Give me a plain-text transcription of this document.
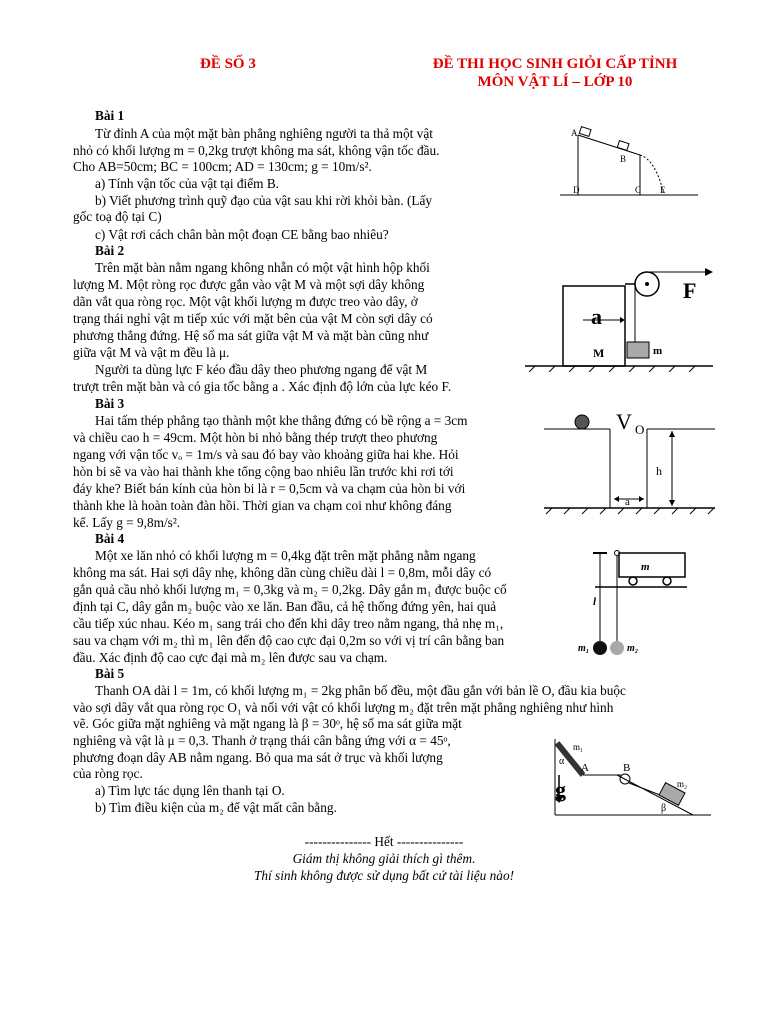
ĐỀ SỐ 3	ĐỀ THI HỌC SINH GIỎI CẤP TỈNH
MÔN VẬT LÍ – LỚP 10
Bài 1
Từ đỉnh A của một mặt bàn phẳng nghiêng người ta thả một vật
nhỏ có khối lượng m = 0,2kg trượt không ma sát, không vận tốc đầu.
Cho AB=50cm; BC = 100cm; AD = 130cm; g = 10m/s².
a) Tính vận tốc của vật tại điểm B.
b) Viết phương trình quỹ đạo của vật sau khi rời khỏi bàn. (Lấy
gốc toạ độ tại C)
c) Vật rơi cách chân bàn một đoạn CE bằng bao nhiêu?
A
B
C
D	E
Bài 2
Trên mặt bàn nằm ngang không nhẵn có một vật hình hộp khối
lượng M. Một ròng rọc được gắn vào vật M và một sợi dây không
dãn vắt qua ròng rọc. Một vật khối lượng m được treo vào dây, ở
trạng thái nghỉ vật m tiếp xúc với mặt bên của vật M còn sợi dây có
phương thẳng đứng. Hệ số ma sát giữa vật M và mặt bàn cũng như
giữa vật M và vật m đều là μ.
Người ta dùng lực F kéo đầu dây theo phương ngang để vật M
trượt trên mặt bàn và có gia tốc bằng a . Xác định độ lớn của lực kéo F.
F
a
M	m
Bài 3
Hai tấm thép phẳng tạo thành một khe thẳng đứng có bề rộng a = 3cm
và chiều cao h = 49cm. Một hòn bi nhỏ bằng thép trượt theo phương
ngang với vận tốc vₒ = 1m/s và sau đó bay vào khoảng giữa hai khe. Hỏi
hòn bi sẽ va vào hai thành khe tổng cộng bao nhiêu lần trước khi rơi tới
đáy khe? Biết bán kính của hòn bi là r = 0,5cm và va chạm của hòn bi với
thành khe là hoàn toàn đàn hồi. Thời gian va chạm coi như không đáng
kể. Lấy g = 9,8m/s².
V O
h
a
Bài 4
Một xe lăn nhỏ có khối lượng m = 0,4kg đặt trên mặt phẳng nằm ngang
không ma sát. Hai sợi dây nhẹ, không dãn cùng chiều dài l = 0,8m, mỗi dây có
gắn quả cầu nhỏ khối lượng m₁ = 0,3kg và m₂ = 0,2kg. Dây gắn m₁ được buộc cố
định tại C, dây gắn m₂ buộc vào xe lăn. Ban đầu, cả hệ thống đứng yên, hai quả
cầu tiếp xúc nhau. Kéo m₁ sang trái cho đến khi dây treo nằm ngang, thả nhẹ m₁,
sau va chạm với m₂ thì m₁ lên đến độ cao cực đại 0,2m so với vị trí cân bằng ban
đầu. Xác định độ cao cực đại mà m₂ lên được sau va chạm.
m
l
m₁	m₂
Bài 5
Thanh OA dài l = 1m, có khối lượng m₁ = 2kg phân bố đều, một đầu gắn với bản lề O, đầu kia buộc
vào sợi dây vắt qua ròng rọc O₁ và nối với vật có khối lượng m₂ đặt trên mặt phẳng nghiêng như hình
vẽ. Góc giữa mặt nghiêng và mặt ngang là β = 30ᵒ, hệ số ma sát giữa mặt
nghiêng và vật là μ = 0,3. Thanh ở trạng thái cân bằng ứng với α = 45ᵒ,
phương đoạn dây AB nằm ngang. Bỏ qua ma sát ở trục và khối lượng
của ròng rọc.
a) Tìm lực tác dụng lên thanh tại O.
b) Tìm điều kiện của m₂ để vật mất cân bằng.
m₁
α
A	B
m₂
g
β
--------------- Hết ---------------
Giám thị không giải thích gì thêm.
Thí sinh không được sử dụng bất cứ tài liệu nào!
